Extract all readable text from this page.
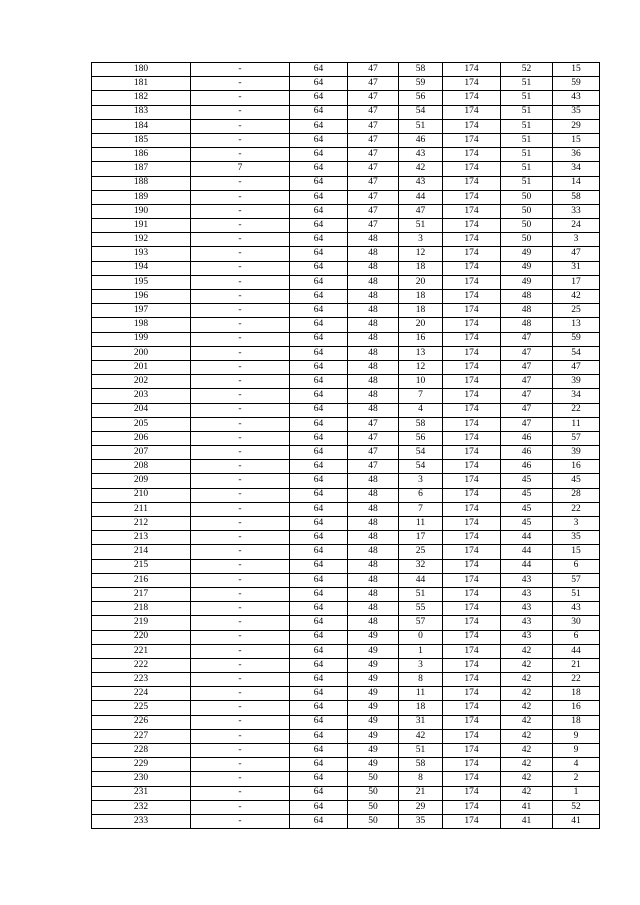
180	-	64	47	58	174	52	15
181	-	64	47	59	174	51	59
182	-	64	47	56	174	51	43
183	-	64	47	54	174	51	35
184	-	64	47	51	174	51	29
185	-	64	47	46	174	51	15
186	-	64	47	43	174	51	36
187	7	64	47	42	174	51	34
188	-	64	47	43	174	51	14
189	-	64	47	44	174	50	58
190	-	64	47	47	174	50	33
191	-	64	47	51	174	50	24
192	-	64	48	3	174	50	3
193	-	64	48	12	174	49	47
194	-	64	48	18	174	49	31
195	-	64	48	20	174	49	17
196	-	64	48	18	174	48	42
197	-	64	48	18	174	48	25
198	-	64	48	20	174	48	13
199	-	64	48	16	174	47	59
200	-	64	48	13	174	47	54
201	-	64	48	12	174	47	47
202	-	64	48	10	174	47	39
203	-	64	48	7	174	47	34
204	-	64	48	4	174	47	22
205	-	64	47	58	174	47	11
206	-	64	47	56	174	46	57
207	-	64	47	54	174	46	39
208	-	64	47	54	174	46	16
209	-	64	48	3	174	45	45
210	-	64	48	6	174	45	28
211	-	64	48	7	174	45	22
212	-	64	48	11	174	45	3
213	-	64	48	17	174	44	35
214	-	64	48	25	174	44	15
215	-	64	48	32	174	44	6
216	-	64	48	44	174	43	57
217	-	64	48	51	174	43	51
218	-	64	48	55	174	43	43
219	-	64	48	57	174	43	30
220	-	64	49	0	174	43	6
221	-	64	49	1	174	42	44
222	-	64	49	3	174	42	21
223	-	64	49	8	174	42	22
224	-	64	49	11	174	42	18
225	-	64	49	18	174	42	16
226	-	64	49	31	174	42	18
227	-	64	49	42	174	42	9
228	-	64	49	51	174	42	9
229	-	64	49	58	174	42	4
230	-	64	50	8	174	42	2
231	-	64	50	21	174	42	1
232	-	64	50	29	174	41	52
233	-	64	50	35	174	41	41
